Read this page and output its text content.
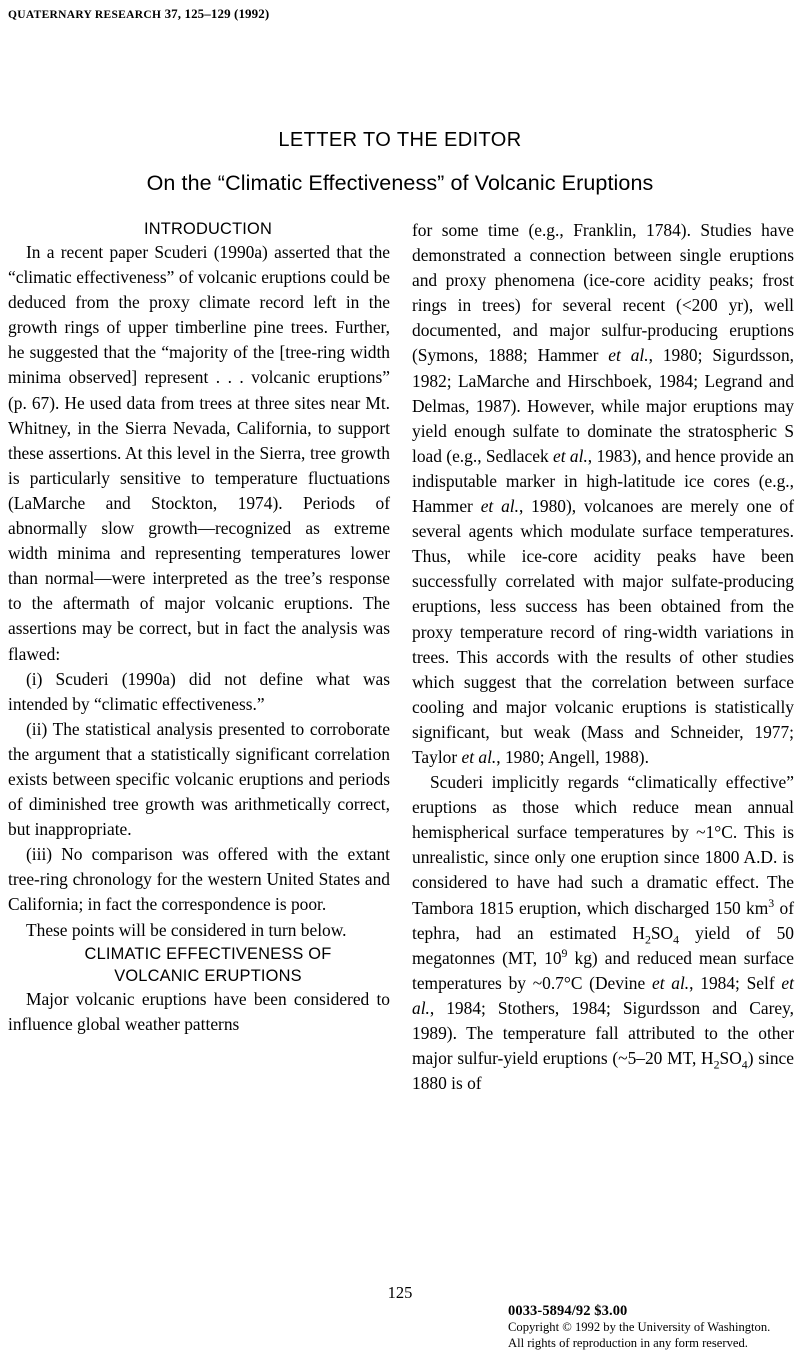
QUATERNARY RESEARCH 37, 125–129 (1992)
LETTER TO THE EDITOR
On the “Climatic Effectiveness” of Volcanic Eruptions

INTRODUCTION

In a recent paper Scuderi (1990a) asserted that the “climatic effectiveness” of volcanic eruptions could be deduced from the proxy climate record left in the growth rings of upper timberline pine trees. Further, he suggested that the “majority of the [tree-ring width minima observed] represent . . . volcanic eruptions” (p. 67). He used data from trees at three sites near Mt. Whitney, in the Sierra Nevada, California, to support these assertions. At this level in the Sierra, tree growth is particularly sensitive to temperature fluctuations (LaMarche and Stockton, 1974). Periods of abnormally slow growth—recognized as extreme width minima and representing temperatures lower than normal—were interpreted as the tree’s response to the aftermath of major volcanic eruptions. The assertions may be correct, but in fact the analysis was flawed:

(i) Scuderi (1990a) did not define what was intended by “climatic effectiveness.”

(ii) The statistical analysis presented to corroborate the argument that a statistically significant correlation exists between specific volcanic eruptions and periods of diminished tree growth was arithmetically correct, but inappropriate.

(iii) No comparison was offered with the extant tree-ring chronology for the western United States and California; in fact the correspondence is poor.

These points will be considered in turn below.

CLIMATIC EFFECTIVENESS OF

VOLCANIC ERUPTIONS

Major volcanic eruptions have been considered to influence global weather patterns

for some time (e.g., Franklin, 1784). Studies have demonstrated a connection between single eruptions and proxy phenomena (ice-core acidity peaks; frost rings in trees) for several recent (<200 yr), well documented, and major sulfur-producing eruptions (Symons, 1888; Hammer et al., 1980; Sigurdsson, 1982; LaMarche and Hirschboek, 1984; Legrand and Delmas, 1987). However, while major eruptions may yield enough sulfate to dominate the stratospheric S load (e.g., Sedlacek et al., 1983), and hence provide an indisputable marker in high-latitude ice cores (e.g., Hammer et al., 1980), volcanoes are merely one of several agents which modulate surface temperatures. Thus, while ice-core acidity peaks have been successfully correlated with major sulfate-producing eruptions, less success has been obtained from the proxy temperature record of ring-width variations in trees. This accords with the results of other studies which suggest that the correlation between surface cooling and major volcanic eruptions is statistically significant, but weak (Mass and Schneider, 1977; Taylor et al., 1980; Angell, 1988).

Scuderi implicitly regards “climatically effective” eruptions as those which reduce mean annual hemispherical surface temperatures by ~1°C. This is unrealistic, since only one eruption since 1800 A.D. is considered to have had such a dramatic effect. The Tambora 1815 eruption, which discharged 150 $km^3$ of tephra, had an estimated $H_2SO_4$ yield of 50 megatonnes (MT, $10^9$ kg) and reduced mean surface temperatures by ~0.7°C (Devine et al., 1984; Self et al., 1984; Stothers, 1984; Sigurdsson and Carey, 1989). The temperature fall attributed to the other major sulfur-yield eruptions (~5–20 MT, $H_2SO_4$) since 1880 is of

125
0033-5894/92 $3.00
Copyright © 1992 by the University of Washington.
All rights of reproduction in any form reserved.
